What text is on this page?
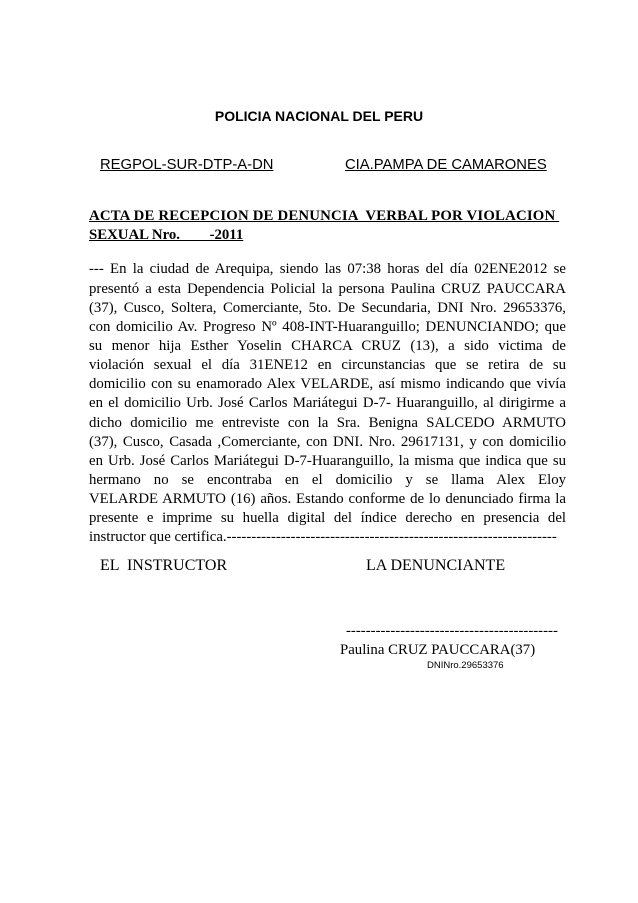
POLICIA NACIONAL DEL PERU
REGPOL-SUR-DTP-A-DN	CIA.PAMPA DE CAMARONES
ACTA DE RECEPCION DE DENUNCIA  VERBAL POR VIOLACION
SEXUAL Nro.        -2011
--- En la ciudad de Arequipa, siendo las 07:38 horas del día 02ENE2012 se
presentó a esta Dependencia Policial la persona Paulina CRUZ PAUCCARA
(37), Cusco, Soltera, Comerciante, 5to. De Secundaria, DNI Nro. 29653376,
con domicilio Av. Progreso Nº 408-INT-Huaranguillo; DENUNCIANDO; que
su menor hija Esther Yoselin CHARCA CRUZ (13), a sido victima de
violación sexual el día 31ENE12 en circunstancias que se retira de su
domicilio con su enamorado Alex VELARDE, así mismo indicando que vivía
en el domicilio Urb. José Carlos Mariátegui D-7- Huaranguillo, al dirigirme a
dicho domicilio me entreviste con la Sra. Benigna SALCEDO ARMUTO
(37), Cusco, Casada ,Comerciante, con DNI. Nro. 29617131, y con domicilio
en Urb. José Carlos Mariátegui D-7-Huaranguillo, la misma que indica que su
hermano no se encontraba en el domicilio y se llama Alex Eloy
VELARDE ARMUTO (16) años. Estando conforme de lo denunciado firma la
presente e imprime su huella digital del índice derecho en presencia del
instructor que certifica.-------------------------------------------------------------------
EL  INSTRUCTOR	LA DENUNCIANTE
-------------------------------------------
Paulina CRUZ PAUCCARA(37)
DNINro.29653376
